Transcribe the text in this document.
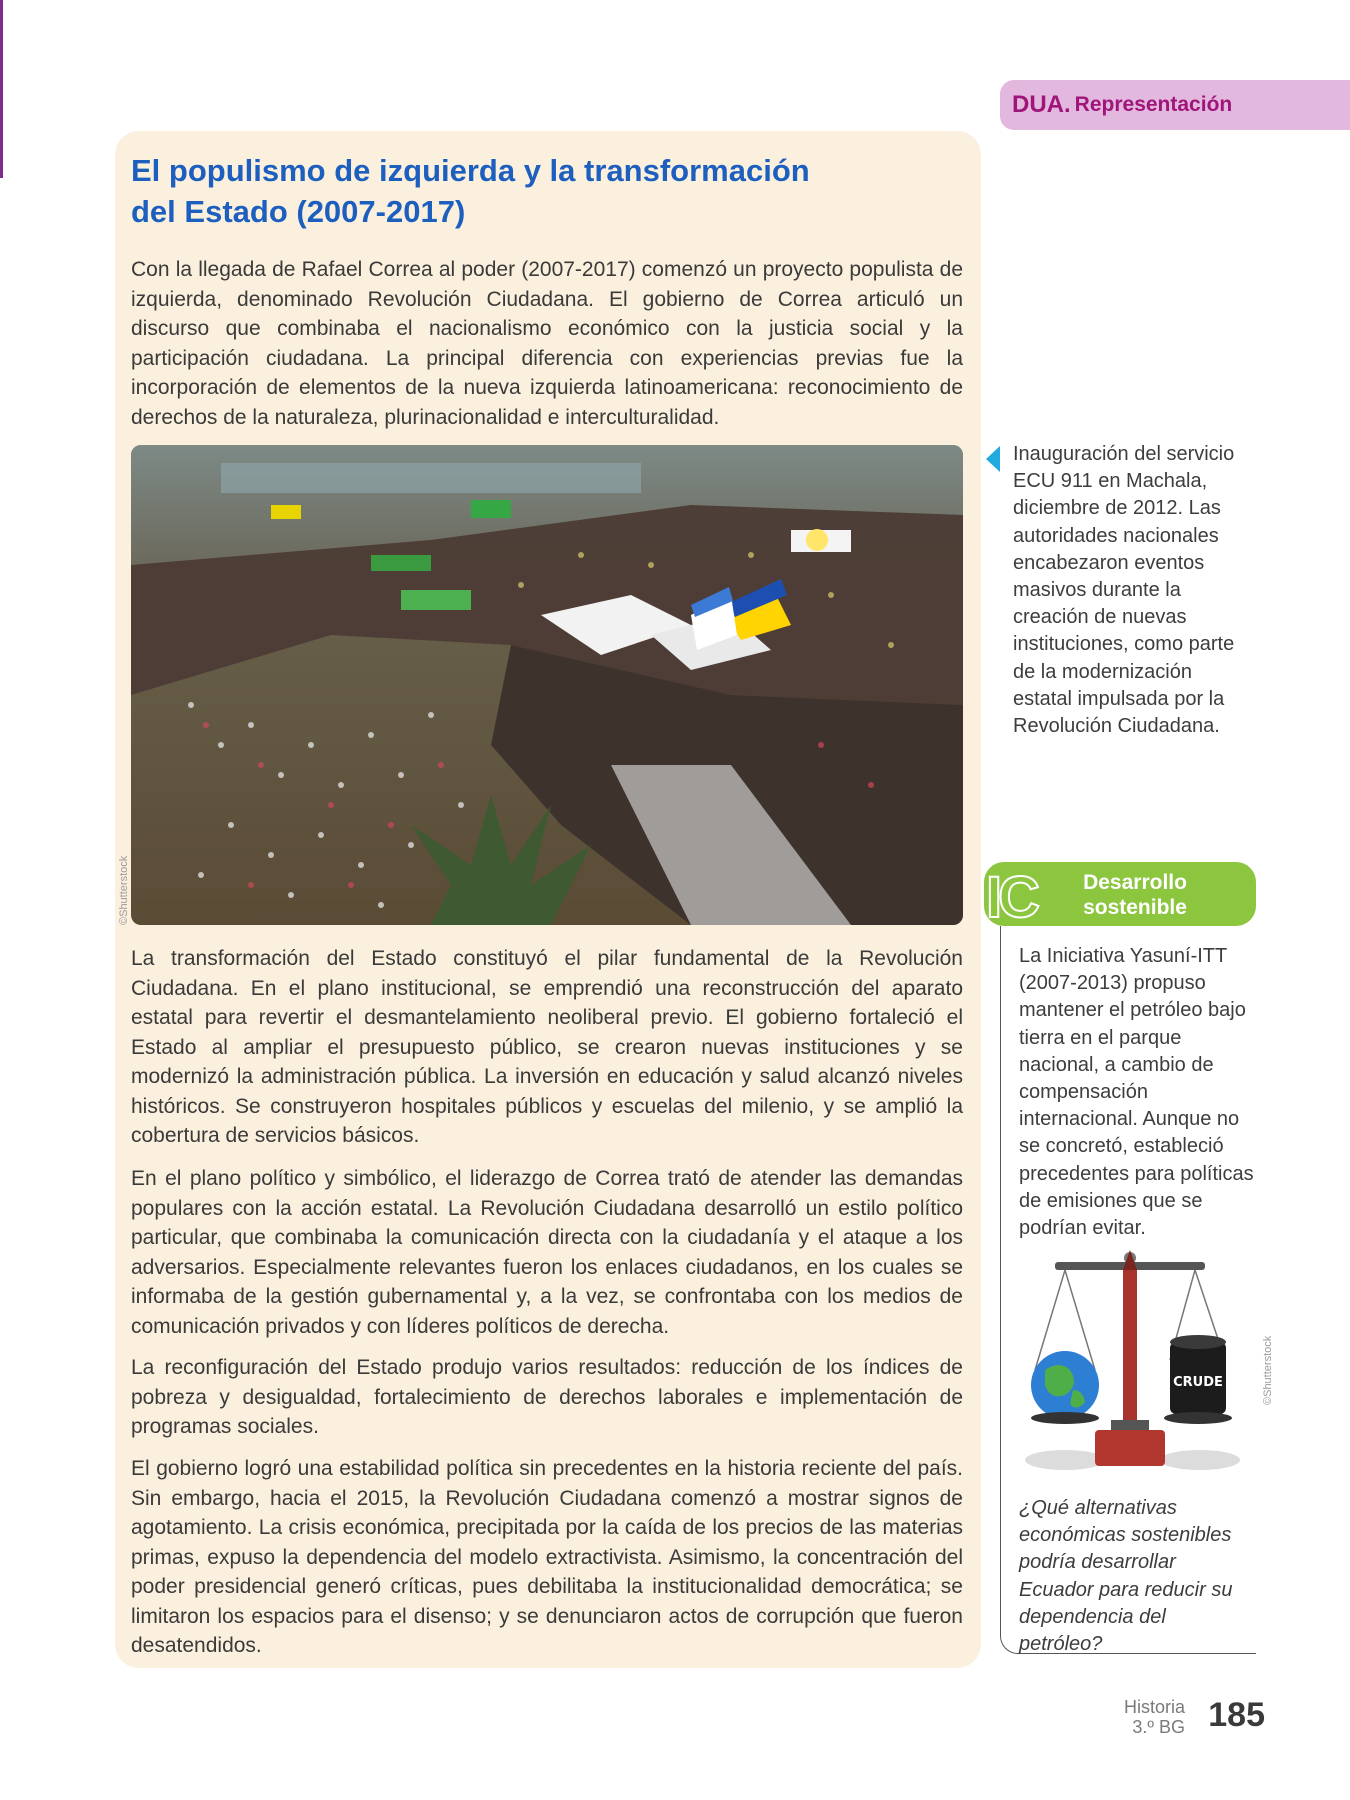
DUA. Representación
El populismo de izquierda y la transformación del Estado (2007-2017)

Con la llegada de Rafael Correa al poder (2007-2017) comenzó un proyecto populista de izquierda, denominado Revolución Ciudadana. El gobierno de Correa articuló un discurso que combinaba el nacionalismo económico con la justicia social y la participación ciudadana. La principal diferencia con experiencias previas fue la incorporación de elementos de la nueva izquierda latinoamericana: reconocimiento de derechos de la naturaleza, plurinacionalidad e interculturalidad.

©Shutterstock

Inauguración del servicio ECU 911 en Machala, diciembre de 2012. Las autoridades nacionales encabezaron eventos masivos durante la creación de nuevas instituciones, como parte de la modernización estatal impulsada por la Revolución Ciudadana.

La transformación del Estado constituyó el pilar fundamental de la Revolución Ciudadana. En el plano institucional, se emprendió una reconstrucción del aparato estatal para revertir el desmantelamiento neoliberal previo. El gobierno fortaleció el Estado al ampliar el presupuesto público, se crearon nuevas instituciones y se modernizó la administración pública. La inversión en educación y salud alcanzó niveles históricos. Se construyeron hospitales públicos y escuelas del milenio, y se amplió la cobertura de servicios básicos.

En el plano político y simbólico, el liderazgo de Correa trató de atender las demandas populares con la acción estatal. La Revolución Ciudadana desarrolló un estilo político particular, que combinaba la comunicación directa con la ciudadanía y el ataque a los adversarios. Especialmente relevantes fueron los enlaces ciudadanos, en los cuales se informaba de la gestión gubernamental y, a la vez, se confrontaba con los medios de comunicación privados y con líderes políticos de derecha.

La reconfiguración del Estado produjo varios resultados: reducción de los índices de pobreza y desigualdad, fortalecimiento de derechos laborales e implementación de programas sociales.

El gobierno logró una estabilidad política sin precedentes en la historia reciente del país. Sin embargo, hacia el 2015, la Revolución Ciudadana comenzó a mostrar signos de agotamiento. La crisis económica, precipitada por la caída de los precios de las materias primas, expuso la dependencia del modelo extractivista. Asimismo, la concentración del poder presidencial generó críticas, pues debilitaba la institucionalidad democrática; se limitaron los espacios para el disenso; y se denunciaron actos de corrupción que fueron desatendidos.

IC	Desarrollo sostenible

La Iniciativa Yasuní-ITT (2007-2013) propuso mantener el petróleo bajo tierra en el parque nacional, a cambio de compensación internacional. Aunque no se concretó, estableció precedentes para políticas de emisiones que se podrían evitar.

CRUDE	©Shutterstock

¿Qué alternativas económicas sostenibles podría desarrollar Ecuador para reducir su dependencia del petróleo?

Historia
3.º BG 185
